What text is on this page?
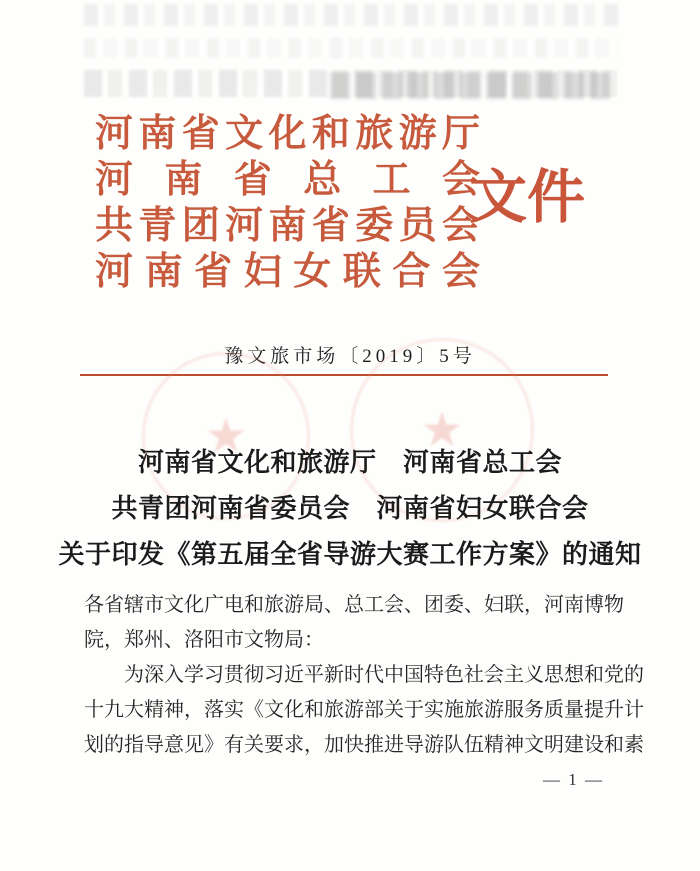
河南省文化和旅游厅
河南省总工会
共青团河南省委员会
河南省妇女联合会
文件
豫文旅市场〔2019〕5号
★	★
河南省文化和旅游厅　河南省总工会
共青团河南省委员会　河南省妇女联合会
关于印发《第五届全省导游大赛工作方案》的通知
各省辖市文化广电和旅游局、总工会、团委、妇联，河南博物
院，郑州、洛阳市文物局：
　　为深入学习贯彻习近平新时代中国特色社会主义思想和党的
十九大精神，落实《文化和旅游部关于实施旅游服务质量提升计
划的指导意见》有关要求，加快推进导游队伍精神文明建设和素
— 1 —
